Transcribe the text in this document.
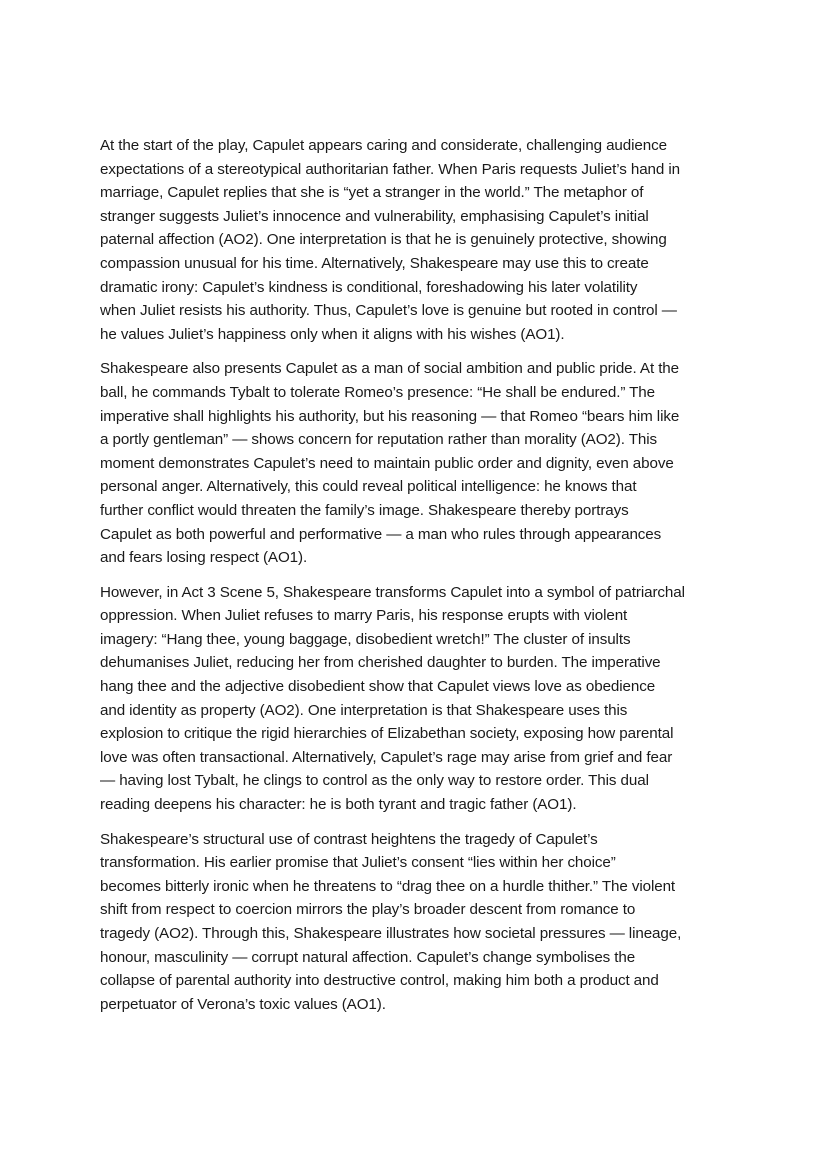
At the start of the play, Capulet appears caring and considerate, challenging audience
expectations of a stereotypical authoritarian father. When Paris requests Juliet’s hand in
marriage, Capulet replies that she is “yet a stranger in the world.” The metaphor of
stranger suggests Juliet’s innocence and vulnerability, emphasising Capulet’s initial
paternal affection (AO2). One interpretation is that he is genuinely protective, showing
compassion unusual for his time. Alternatively, Shakespeare may use this to create
dramatic irony: Capulet’s kindness is conditional, foreshadowing his later volatility
when Juliet resists his authority. Thus, Capulet’s love is genuine but rooted in control —
he values Juliet’s happiness only when it aligns with his wishes (AO1).

Shakespeare also presents Capulet as a man of social ambition and public pride. At the
ball, he commands Tybalt to tolerate Romeo’s presence: “He shall be endured.” The
imperative shall highlights his authority, but his reasoning — that Romeo “bears him like
a portly gentleman” — shows concern for reputation rather than morality (AO2). This
moment demonstrates Capulet’s need to maintain public order and dignity, even above
personal anger. Alternatively, this could reveal political intelligence: he knows that
further conflict would threaten the family’s image. Shakespeare thereby portrays
Capulet as both powerful and performative — a man who rules through appearances
and fears losing respect (AO1).

However, in Act 3 Scene 5, Shakespeare transforms Capulet into a symbol of patriarchal
oppression. When Juliet refuses to marry Paris, his response erupts with violent
imagery: “Hang thee, young baggage, disobedient wretch!” The cluster of insults
dehumanises Juliet, reducing her from cherished daughter to burden. The imperative
hang thee and the adjective disobedient show that Capulet views love as obedience
and identity as property (AO2). One interpretation is that Shakespeare uses this
explosion to critique the rigid hierarchies of Elizabethan society, exposing how parental
love was often transactional. Alternatively, Capulet’s rage may arise from grief and fear
— having lost Tybalt, he clings to control as the only way to restore order. This dual
reading deepens his character: he is both tyrant and tragic father (AO1).

Shakespeare’s structural use of contrast heightens the tragedy of Capulet’s
transformation. His earlier promise that Juliet’s consent “lies within her choice”
becomes bitterly ironic when he threatens to “drag thee on a hurdle thither.” The violent
shift from respect to coercion mirrors the play’s broader descent from romance to
tragedy (AO2). Through this, Shakespeare illustrates how societal pressures — lineage,
honour, masculinity — corrupt natural affection. Capulet’s change symbolises the
collapse of parental authority into destructive control, making him both a product and
perpetuator of Verona’s toxic values (AO1).
